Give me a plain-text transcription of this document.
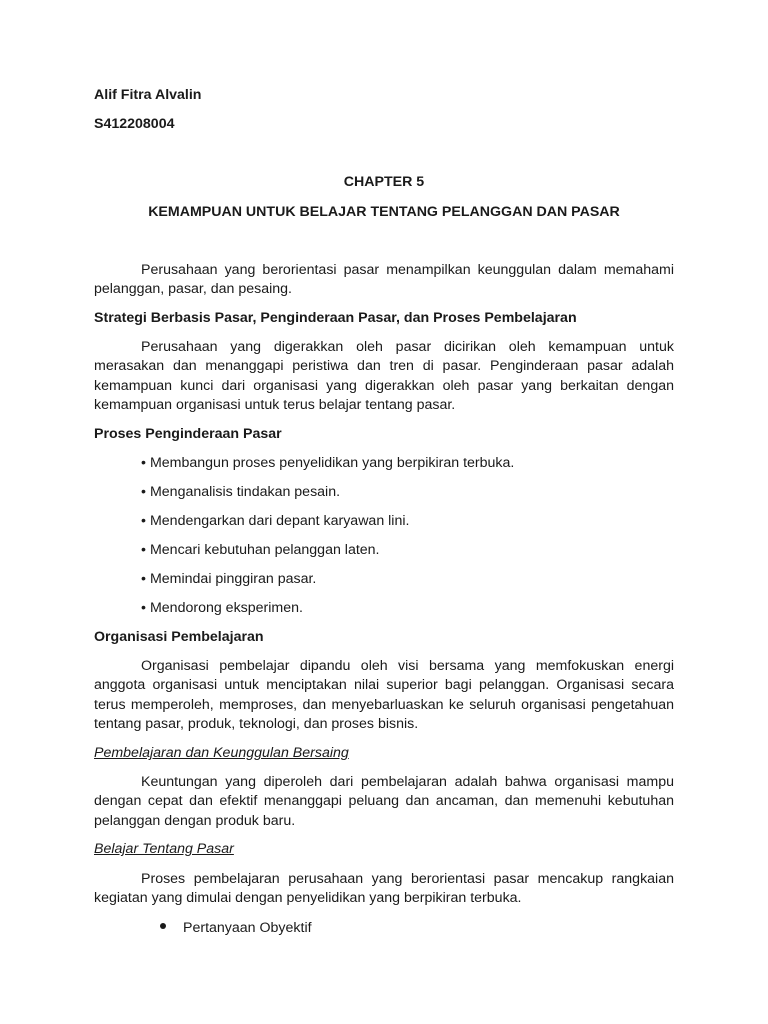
Alif Fitra Alvalin
S412208004
CHAPTER 5
KEMAMPUAN UNTUK BELAJAR TENTANG PELANGGAN DAN PASAR

Perusahaan yang berorientasi pasar menampilkan keunggulan dalam memahami pelanggan, pasar, dan pesaing.

Strategi Berbasis Pasar, Penginderaan Pasar, dan Proses Pembelajaran

Perusahaan yang digerakkan oleh pasar dicirikan oleh kemampuan untuk merasakan dan menanggapi peristiwa dan tren di pasar. Penginderaan pasar adalah kemampuan kunci dari organisasi yang digerakkan oleh pasar yang berkaitan dengan kemampuan organisasi untuk terus belajar tentang pasar.

Proses Penginderaan Pasar
• Membangun proses penyelidikan yang berpikiran terbuka.
• Menganalisis tindakan pesain.
• Mendengarkan dari depant karyawan lini.
• Mencari kebutuhan pelanggan laten.
• Memindai pinggiran pasar.
• Mendorong eksperimen.
Organisasi Pembelajaran

Organisasi pembelajar dipandu oleh visi bersama yang memfokuskan energi anggota organisasi untuk menciptakan nilai superior bagi pelanggan. Organisasi secara terus memperoleh, memproses, dan menyebarluaskan ke seluruh organisasi pengetahuan tentang pasar, produk, teknologi, dan proses bisnis.

Pembelajaran dan Keunggulan Bersaing

Keuntungan yang diperoleh dari pembelajaran adalah bahwa organisasi mampu dengan cepat dan efektif menanggapi peluang dan ancaman, dan memenuhi kebutuhan pelanggan dengan produk baru.

Belajar Tentang Pasar

Proses pembelajaran perusahaan yang berorientasi pasar mencakup rangkaian kegiatan yang dimulai dengan penyelidikan yang berpikiran terbuka.

Pertanyaan Obyektif
